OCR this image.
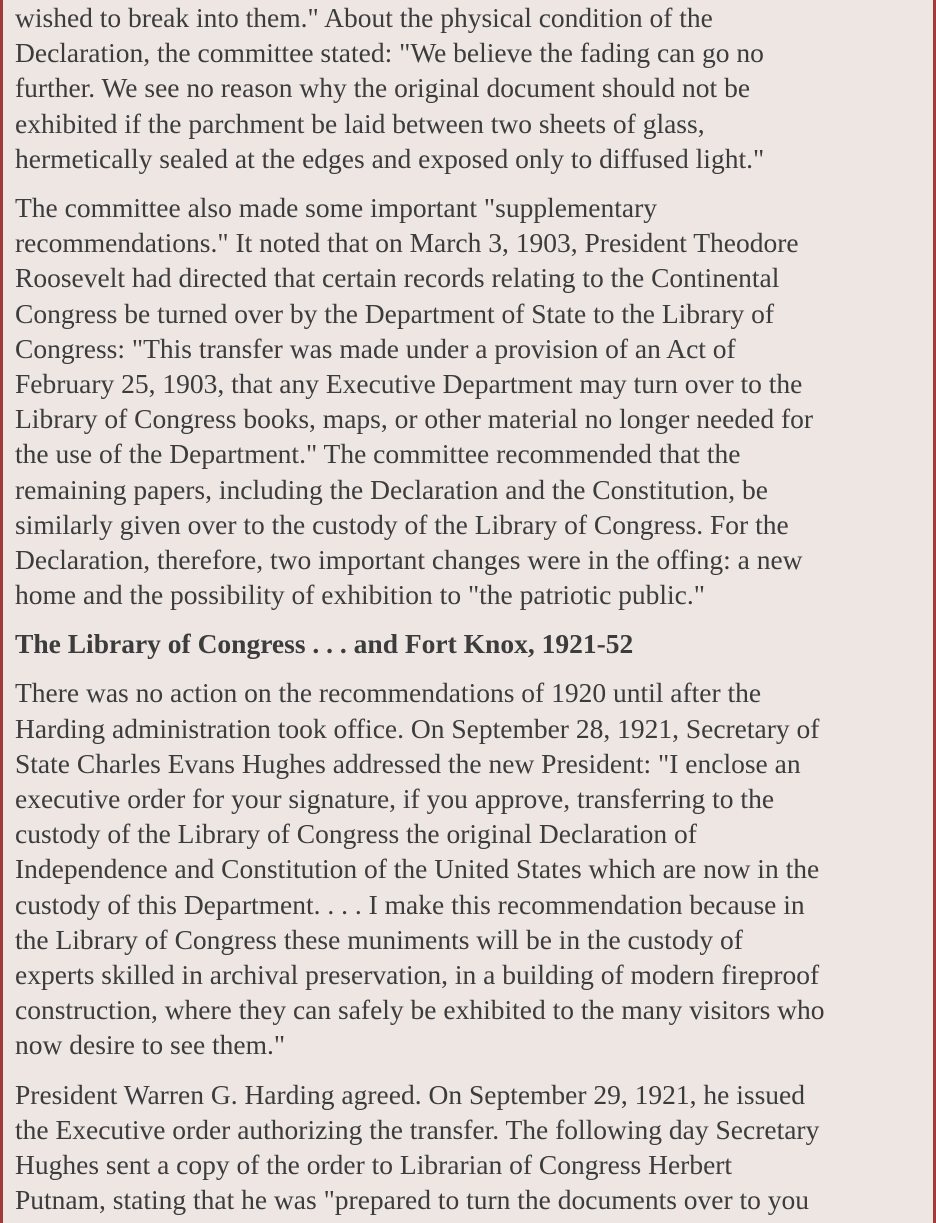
wished to break into them." About the physical condition of the
Declaration, the committee stated: "We believe the fading can go no
further. We see no reason why the original document should not be
exhibited if the parchment be laid between two sheets of glass,
hermetically sealed at the edges and exposed only to diffused light."

The committee also made some important "supplementary
recommendations." It noted that on March 3, 1903, President Theodore
Roosevelt had directed that certain records relating to the Continental
Congress be turned over by the Department of State to the Library of
Congress: "This transfer was made under a provision of an Act of
February 25, 1903, that any Executive Department may turn over to the
Library of Congress books, maps, or other material no longer needed for
the use of the Department." The committee recommended that the
remaining papers, including the Declaration and the Constitution, be
similarly given over to the custody of the Library of Congress. For the
Declaration, therefore, two important changes were in the offing: a new
home and the possibility of exhibition to "the patriotic public."

The Library of Congress . . . and Fort Knox, 1921-52

There was no action on the recommendations of 1920 until after the
Harding administration took office. On September 28, 1921, Secretary of
State Charles Evans Hughes addressed the new President: "I enclose an
executive order for your signature, if you approve, transferring to the
custody of the Library of Congress the original Declaration of
Independence and Constitution of the United States which are now in the
custody of this Department. . . . I make this recommendation because in
the Library of Congress these muniments will be in the custody of
experts skilled in archival preservation, in a building of modern fireproof
construction, where they can safely be exhibited to the many visitors who
now desire to see them."

President Warren G. Harding agreed. On September 29, 1921, he issued
the Executive order authorizing the transfer. The following day Secretary
Hughes sent a copy of the order to Librarian of Congress Herbert
Putnam, stating that he was "prepared to turn the documents over to you
